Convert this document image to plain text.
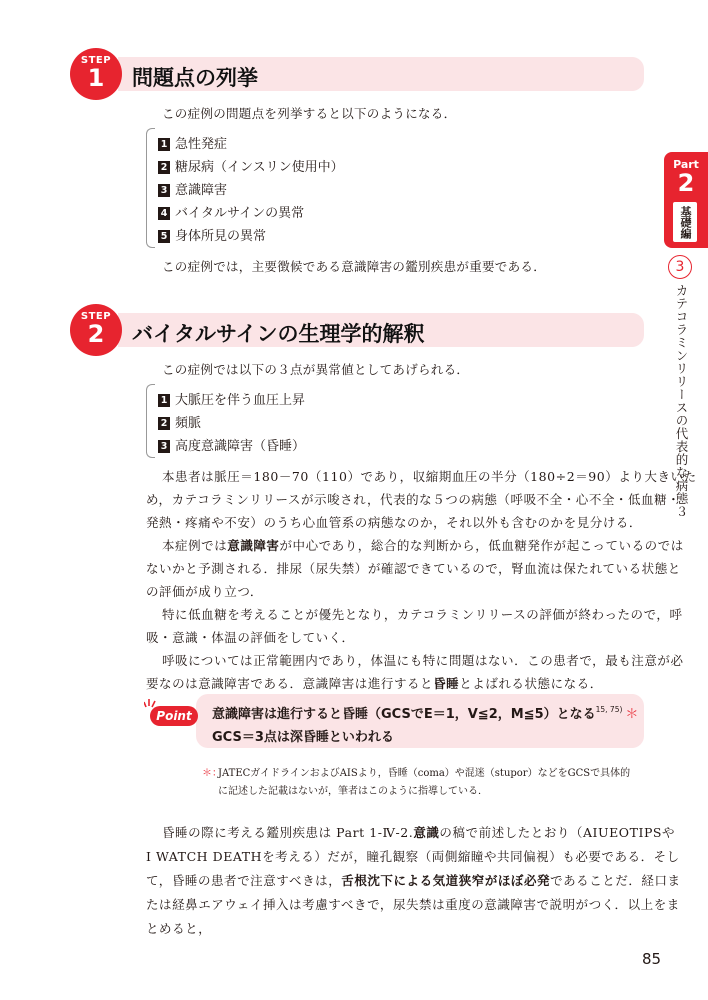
Part
2
基礎編
3
カテコラミンリリースの代表的な病態３
問題点の列挙
STEP
1
この症例の問題点を列挙すると以下のようになる．
1 急性発症
2 糖尿病（インスリン使用中）
3 意識障害
4 バイタルサインの異常
5 身体所見の異常
この症例では，主要徴候である意識障害の鑑別疾患が重要である．
バイタルサインの生理学的解釈
STEP
2
この症例では以下の３点が異常値としてあげられる．
1 大脈圧を伴う血圧上昇
2 頻脈
3 高度意識障害（昏睡）
本患者は脈圧＝180－70（110）であり，収縮期血圧の半分（180÷2＝90）より大きいた
め，カテコラミンリリースが示唆され，代表的な５つの病態（呼吸不全・心不全・低血糖・
発熱・疼痛や不安）のうち心血管系の病態なのか，それ以外も含むのかを見分ける．
本症例では意識障害が中心であり，総合的な判断から，低血糖発作が起こっているのでは
ないかと予測される．排尿（尿失禁）が確認できているので，腎血流は保たれている状態と
の評価が成り立つ．
特に低血糖を考えることが優先となり，カテコラミンリリースの評価が終わったので，呼
吸・意識・体温の評価をしていく．
呼吸については正常範囲内であり，体温にも特に問題はない．この患者で，最も注意が必
要なのは意識障害である．意識障害は進行すると昏睡とよばれる状態になる．
Point	意識障害は進行すると昏睡（GCSでE＝1，V≦2，M≦5）となる$^{15, 75)}$ ＊
GCS＝3点は深昏睡といわれる
＊：
JATECガイドラインおよびAISより，昏睡（coma）や混迷（stupor）などをGCSで具体的
に記述した記載はないが，筆者はこのように指導している．
昏睡の際に考える鑑別疾患は Part 1-Ⅳ-2.意識の稿で前述したとおり（AIUEOTIPSや
I WATCH DEATHを考える）だが，瞳孔観察（両側縮瞳や共同偏視）も必要である．そし
て，昏睡の患者で注意すべきは，舌根沈下による気道狭窄がほぼ必発であることだ．経口ま
たは経鼻エアウェイ挿入は考慮すべきで，尿失禁は重度の意識障害で説明がつく．以上をま
とめると，
85
